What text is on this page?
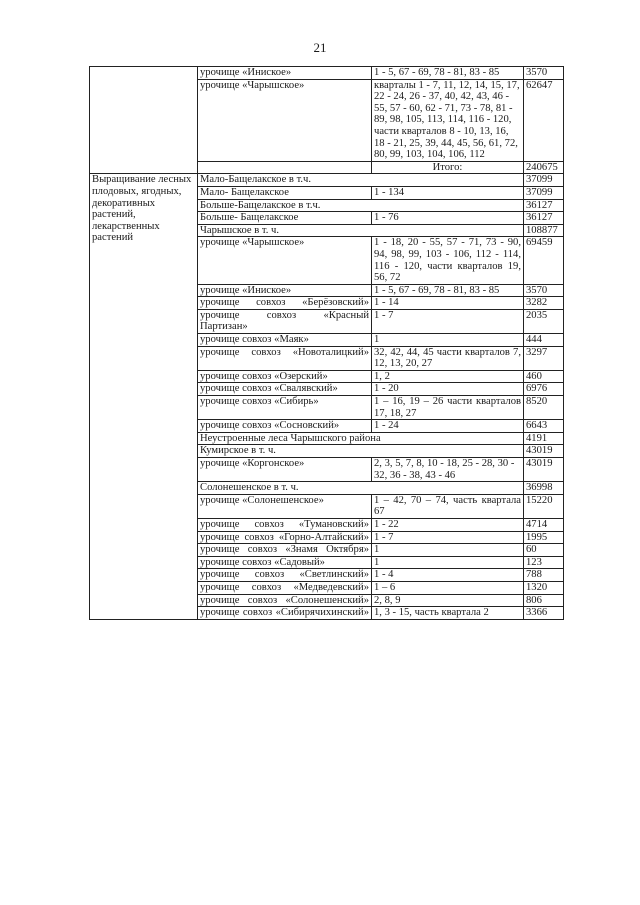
21
	урочище «Иниское»	1 - 5, 67 - 69, 78 - 81, 83 - 85	3570
	урочище «Чарышское»	кварталы 1 - 7, 11, 12, 14, 15, 17, 22 - 24, 26 - 37, 40, 42, 43, 46 - 55, 57 - 60, 62 - 71, 73 - 78, 81 - 89, 98, 105, 113, 114, 116 - 120, части кварталов 8 - 10, 13, 16, 18 - 21, 25, 39, 44, 45, 56, 61, 72, 80, 99, 103, 104, 106, 112	62647
		Итого:	240675
Выращивание лесных плодовых, ягодных, декоративных растений, лекарственных растений	Мало-Бащелакское в т.ч.		37099
	Мало- Бащелакское	1 - 134	37099
	Больше-Бащелакское в т.ч.		36127
	Больше- Бащелакское	1 - 76	36127
	Чарышское в т. ч.		108877
	урочище «Чарышское»	1 - 18, 20 - 55, 57 - 71, 73 - 90, 94, 98, 99, 103 - 106, 112 - 114, 116 - 120, части кварталов 19, 56, 72	69459
	урочище «Иниское»	1 - 5, 67 - 69, 78 - 81, 83 - 85	3570
	урочище совхоз «Берёзовский»	1 - 14	3282
	урочище совхоз «Красный Партизан»	1 - 7	2035
	урочище совхоз «Маяк»	1	444
	урочище совхоз «Новоталицкий»	32, 42, 44, 45 части кварталов 7, 12, 13, 20, 27	3297
	урочище совхоз «Озерский»	1, 2	460
	урочище совхоз «Свалявский»	1 - 20	6976
	урочище совхоз «Сибирь»	1 – 16, 19 – 26 части кварталов 17, 18, 27	8520
	урочище совхоз «Сосновский»	1 - 24	6643
	Неустроенные леса Чарышского района		4191
	Кумирское в т. ч.		43019
	урочище «Коргонское»	2, 3, 5, 7, 8, 10 - 18, 25 - 28, 30 - 32, 36 - 38, 43 - 46	43019
	Солонешенское в т. ч.		36998
	урочище «Солонешенское»	1 – 42, 70 – 74, часть квартала 67	15220
	урочище совхоз «Тумановский»	1 - 22	4714
	урочище совхоз «Горно-Алтайский»	1 - 7	1995
	урочище совхоз «Знамя Октября»	1	60
	урочище совхоз «Садовый»	1	123
	урочище совхоз «Светлинский»	1 - 4	788
	урочище совхоз «Медведевский»	1 – 6	1320
	урочище совхоз «Солонешенский»	2, 8, 9	806
	урочище совхоз «Сибирячихинский»	1, 3 - 15, часть квартала 2	3366
